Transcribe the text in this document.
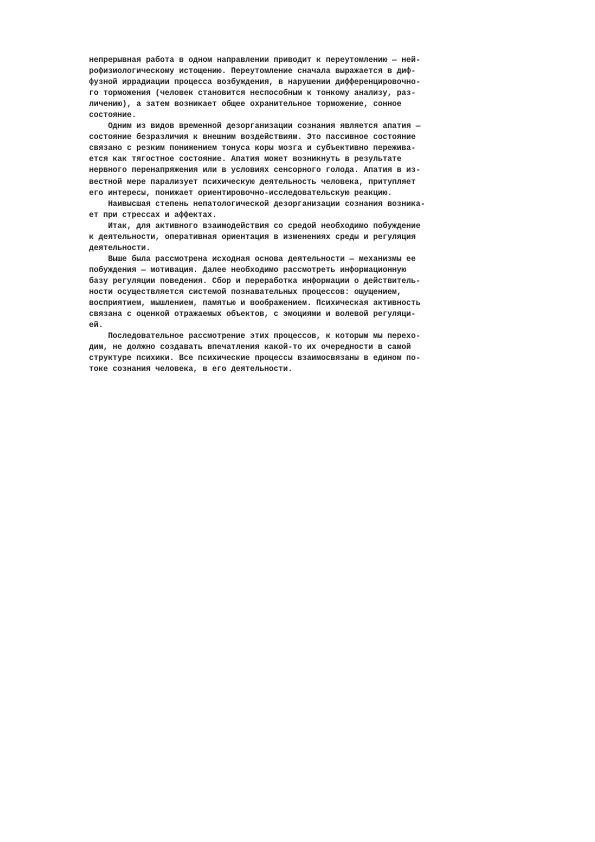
непрерывная работа в одном направлении приводит к переутомлению — ней-
рофизиологическому истощению. Переутомление сначала выражается в диф-
фузной иррадиации процесса возбуждения, в нарушении дифференцировочно-
го торможения (человек становится неспособным к тонкому анализу, раз-
личению), а затем возникает общее охранительное торможение, сонное
состояние.
Одним из видов временной дезорганизации сознания является апатия —
состояние безразличия к внешним воздействиям. Это пассивное состояние
связано с резким понижением тонуса коры мозга и субъективно пережива-
ется как тягостное состояние. Апатия может возникнуть в результате
нервного перенапряжения или в условиях сенсорного голода. Апатия в из-
вестной мере парализует психическую деятельность человека, притупляет
его интересы, понижает ориентировочно-исследовательскую реакцию.
Наивысшая степень непатологической дезорганизации сознания возника-
ет при стрессах и аффектах.
Итак, для активного взаимодействия со средой необходимо побуждение
к деятельности, оперативная ориентация в изменениях среды и регуляция
деятельности.
Выше была рассмотрена исходная основа деятельности — механизмы ее
побуждения — мотивация. Далее необходимо рассмотреть информационную
базу регуляции поведения. Сбор и переработка информации о действитель-
ности осуществляется системой познавательных процессов: ощущением,
восприятием, мышлением, памятью и воображением. Психическая активность
связана с оценкой отражаемых объектов, с эмоциями и волевой регуляци-
ей.
Последовательное рассмотрение этих процессов, к которым мы перехо-
дим, не должно создавать впечатления какой-то их очередности в самой
структуре психики. Все психические процессы взаимосвязаны в едином по-
токе сознания человека, в его деятельности.
